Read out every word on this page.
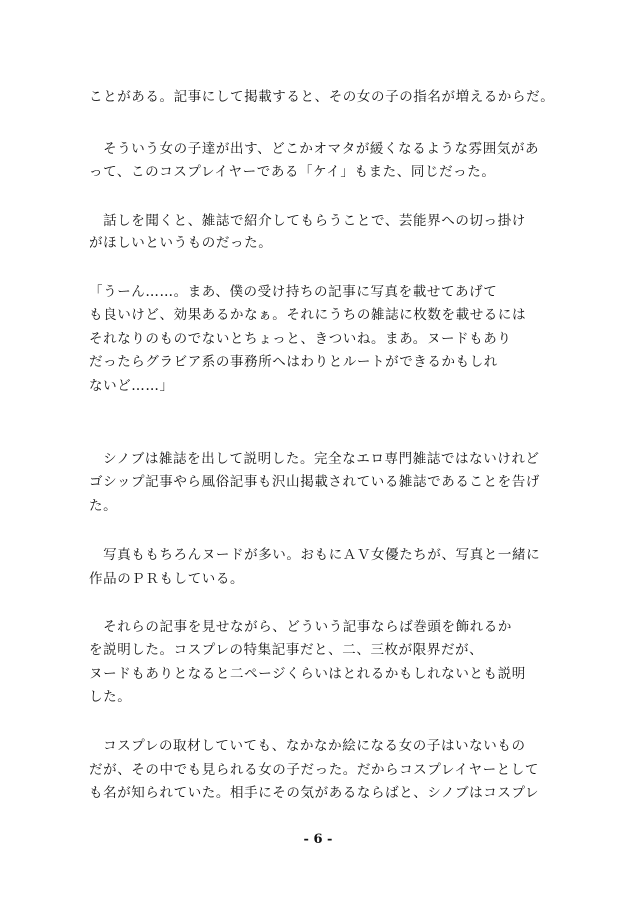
ことがある。記事にして掲載すると、その女の子の指名が増えるからだ。
　そういう女の子達が出す、どこかオマタが緩くなるような雰囲気があ
って、このコスプレイヤーである「ケイ」もまた、同じだった。
　話しを聞くと、雑誌で紹介してもらうことで、芸能界への切っ掛け
がほしいというものだった。
「うーん……。まあ、僕の受け持ちの記事に写真を載せてあげて
も良いけど、効果あるかなぁ。それにうちの雑誌に枚数を載せるには
それなりのものでないとちょっと、きついね。まあ。ヌードもあり
だったらグラビア系の事務所へはわりとルートができるかもしれ
ないど……」
　シノブは雑誌を出して説明した。完全なエロ専門雑誌ではないけれど
ゴシップ記事やら風俗記事も沢山掲載されている雑誌であることを告げ
た。
　写真ももちろんヌードが多い。おもにＡＶ女優たちが、写真と一緒に
作品のＰＲもしている。
　それらの記事を見せながら、どういう記事ならば巻頭を飾れるか
を説明した。コスプレの特集記事だと、二、三枚が限界だが、
ヌードもありとなると二ページくらいはとれるかもしれないとも説明
した。
　コスプレの取材していても、なかなか絵になる女の子はいないもの
だが、その中でも見られる女の子だった。だからコスプレイヤーとして
も名が知られていた。相手にその気があるならばと、シノブはコスプレ
- 6 -
